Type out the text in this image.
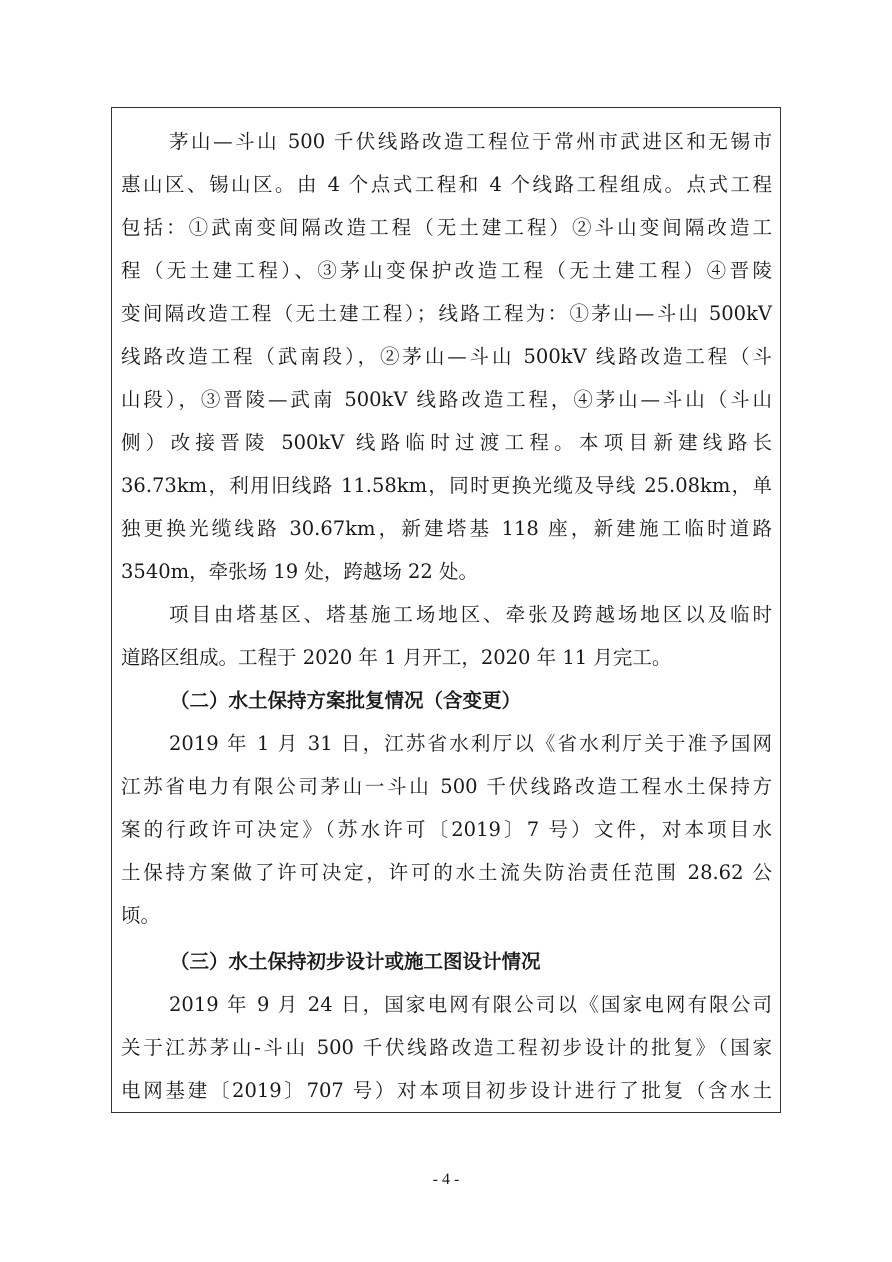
茅山—斗山 500 千伏线路改造工程位于常州市武进区和无锡市
惠山区、锡山区。由 4 个点式工程和 4 个线路工程组成。点式工程
包括：①武南变间隔改造工程（无土建工程）②斗山变间隔改造工
程（无土建工程）、③茅山变保护改造工程（无土建工程）④晋陵
变间隔改造工程（无土建工程）；线路工程为：①茅山—斗山 500kV
线路改造工程（武南段），②茅山—斗山 500kV 线路改造工程（斗
山段），③晋陵—武南 500kV 线路改造工程，④茅山—斗山（斗山
侧）改接晋陵 500kV 线路临时过渡工程。本项目新建线路长
36.73km，利用旧线路 11.58km，同时更换光缆及导线 25.08km，单
独更换光缆线路 30.67km，新建塔基 118 座，新建施工临时道路
3540m，牵张场 19 处，跨越场 22 处。
项目由塔基区、塔基施工场地区、牵张及跨越场地区以及临时
道路区组成。工程于 2020 年 1 月开工，2020 年 11 月完工。
（二）水土保持方案批复情况（含变更）
2019 年 1 月 31 日，江苏省水利厅以《省水利厅关于准予国网
江苏省电力有限公司茅山一斗山 500 千伏线路改造工程水土保持方
案的行政许可决定》（苏水许可〔2019〕7 号）文件，对本项目水
土保持方案做了许可决定，许可的水土流失防治责任范围 28.62 公
顷。
（三）水土保持初步设计或施工图设计情况
2019 年 9 月 24 日，国家电网有限公司以《国家电网有限公司
关于江苏茅山-斗山 500 千伏线路改造工程初步设计的批复》（国家
电网基建〔2019〕707 号）对本项目初步设计进行了批复（含水土
- 4 -
